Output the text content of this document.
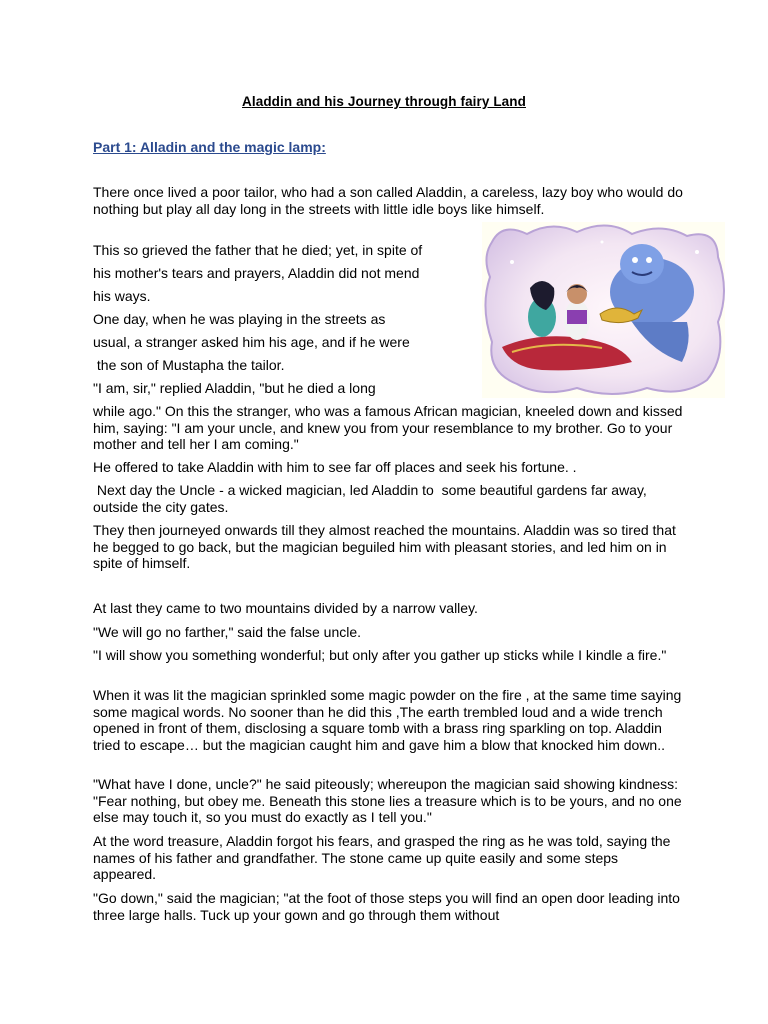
Aladdin and his Journey through fairy Land
Part 1: Alladin and the magic lamp:
There once lived a poor tailor, who had a son called Aladdin, a careless, lazy boy who would do nothing but play all day long in the streets with little idle boys like himself.
This so grieved the father that he died; yet, in spite of
his mother's tears and prayers, Aladdin did not mend
his ways.
One day, when he was playing in the streets as
usual, a stranger asked him his age, and if he were
the son of Mustapha the tailor.
"I am, sir," replied Aladdin, "but he died a long
while ago." On this the stranger, who was a famous African magician, kneeled down and kissed him, saying: "I am your uncle, and knew you from your resemblance to my brother. Go to your mother and tell her I am coming."
He offered to take Aladdin with him to see far off places and seek his fortune. .
Next day the Uncle - a wicked magician, led Aladdin to  some beautiful gardens far away,  outside the city gates.
They then journeyed onwards till they almost reached the mountains. Aladdin was so tired that he begged to go back, but the magician beguiled him with pleasant stories, and led him on in spite of himself.
At last they came to two mountains divided by a narrow valley.
"We will go no farther," said the false uncle.
"I will show you something wonderful; but only after you gather up sticks while I kindle a fire."
When it was lit the magician sprinkled some magic powder on the fire , at the same time saying some magical words. No sooner than he did this ,The earth trembled loud and a wide trench opened in front of them, disclosing a square tomb with a brass ring sparkling on top. Aladdin tried to escape… but the magician caught him and gave him a blow that knocked him down..
"What have I done, uncle?" he said piteously; whereupon the magician said showing kindness: "Fear nothing, but obey me. Beneath this stone lies a treasure which is to be yours, and no one else may touch it, so you must do exactly as I tell you."
At the word treasure, Aladdin forgot his fears, and grasped the ring as he was told, saying the names of his father and grandfather. The stone came up quite easily and some steps appeared.
"Go down," said the magician; "at the foot of those steps you will find an open door leading into three large halls. Tuck up your gown and go through them without
